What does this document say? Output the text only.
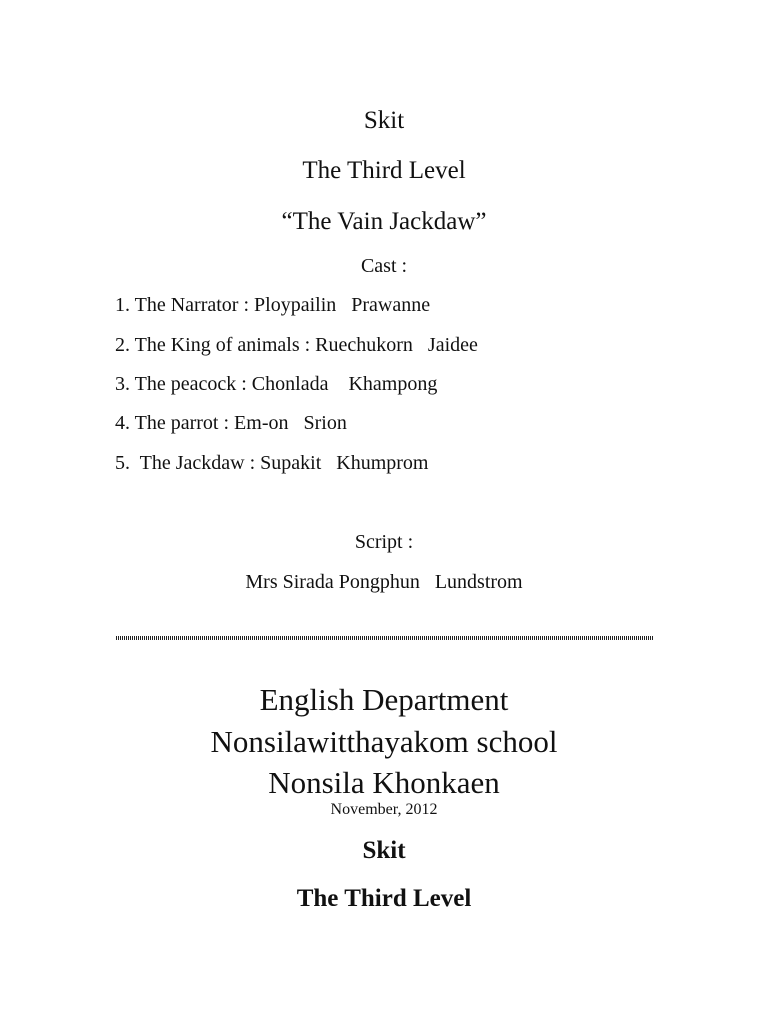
Skit
The Third Level
“The Vain Jackdaw”
Cast :
1. The Narrator : Ploypailin   Prawanne
2. The King of animals : Ruechukorn   Jaidee
3. The peacock : Chonlada    Khampong
4. The parrot : Em-on   Srion
5.  The Jackdaw : Supakit   Khumprom
Script :
Mrs Sirada Pongphun   Lundstrom
English Department
Nonsilawitthayakom school
Nonsila Khonkaen
November, 2012
Skit
The Third Level
